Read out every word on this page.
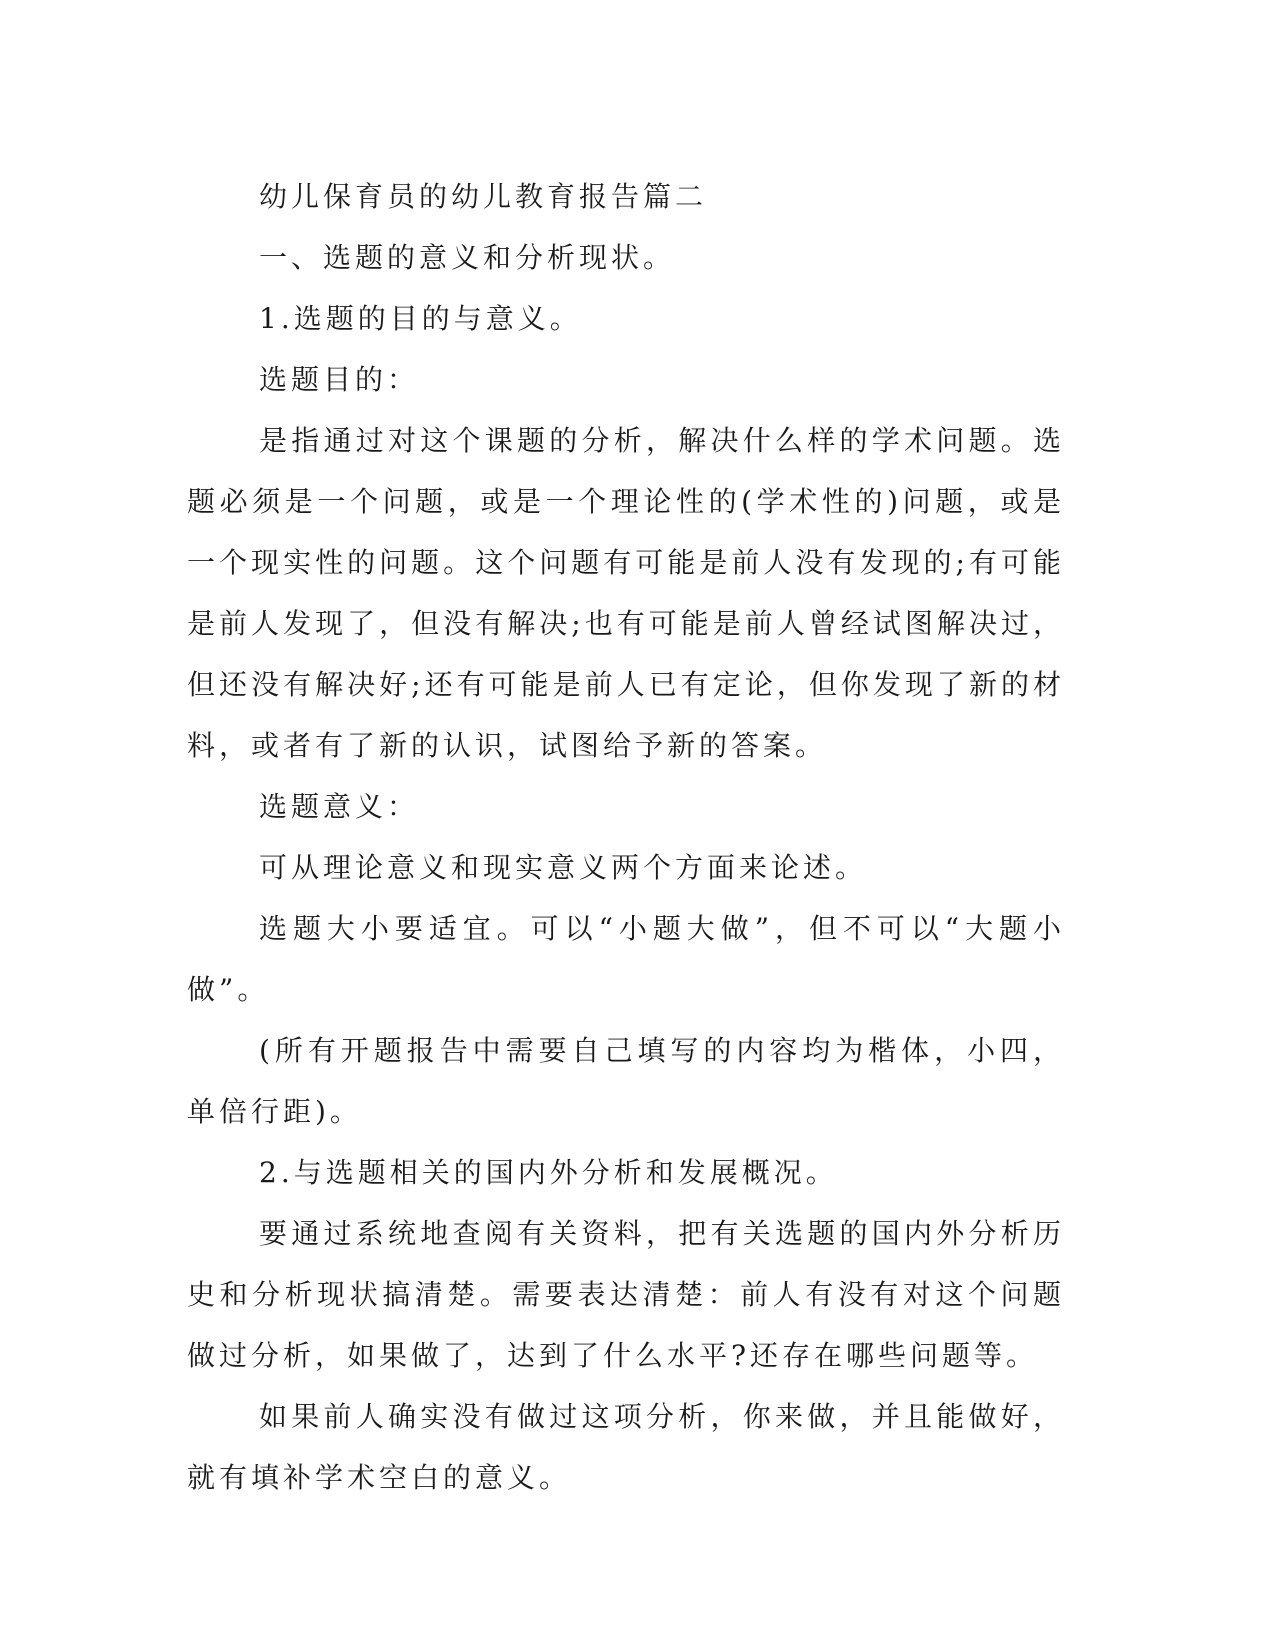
幼儿保育员的幼儿教育报告篇二

一、选题的意义和分析现状。

1.选题的目的与意义。

选题目的：

是指通过对这个课题的分析，解决什么样的学术问题。选题必须是一个问题，或是一个理论性的(学术性的)问题，或是一个现实性的问题。这个问题有可能是前人没有发现的;有可能是前人发现了，但没有解决;也有可能是前人曾经试图解决过，但还没有解决好;还有可能是前人已有定论，但你发现了新的材料，或者有了新的认识，试图给予新的答案。

选题意义：

可从理论意义和现实意义两个方面来论述。

选题大小要适宜。可以“小题大做”，但不可以“大题小做”。

(所有开题报告中需要自己填写的内容均为楷体，小四，单倍行距)。

2.与选题相关的国内外分析和发展概况。

要通过系统地查阅有关资料，把有关选题的国内外分析历史和分析现状搞清楚。需要表达清楚：前人有没有对这个问题做过分析，如果做了，达到了什么水平?还存在哪些问题等。

如果前人确实没有做过这项分析，你来做，并且能做好，就有填补学术空白的意义。
